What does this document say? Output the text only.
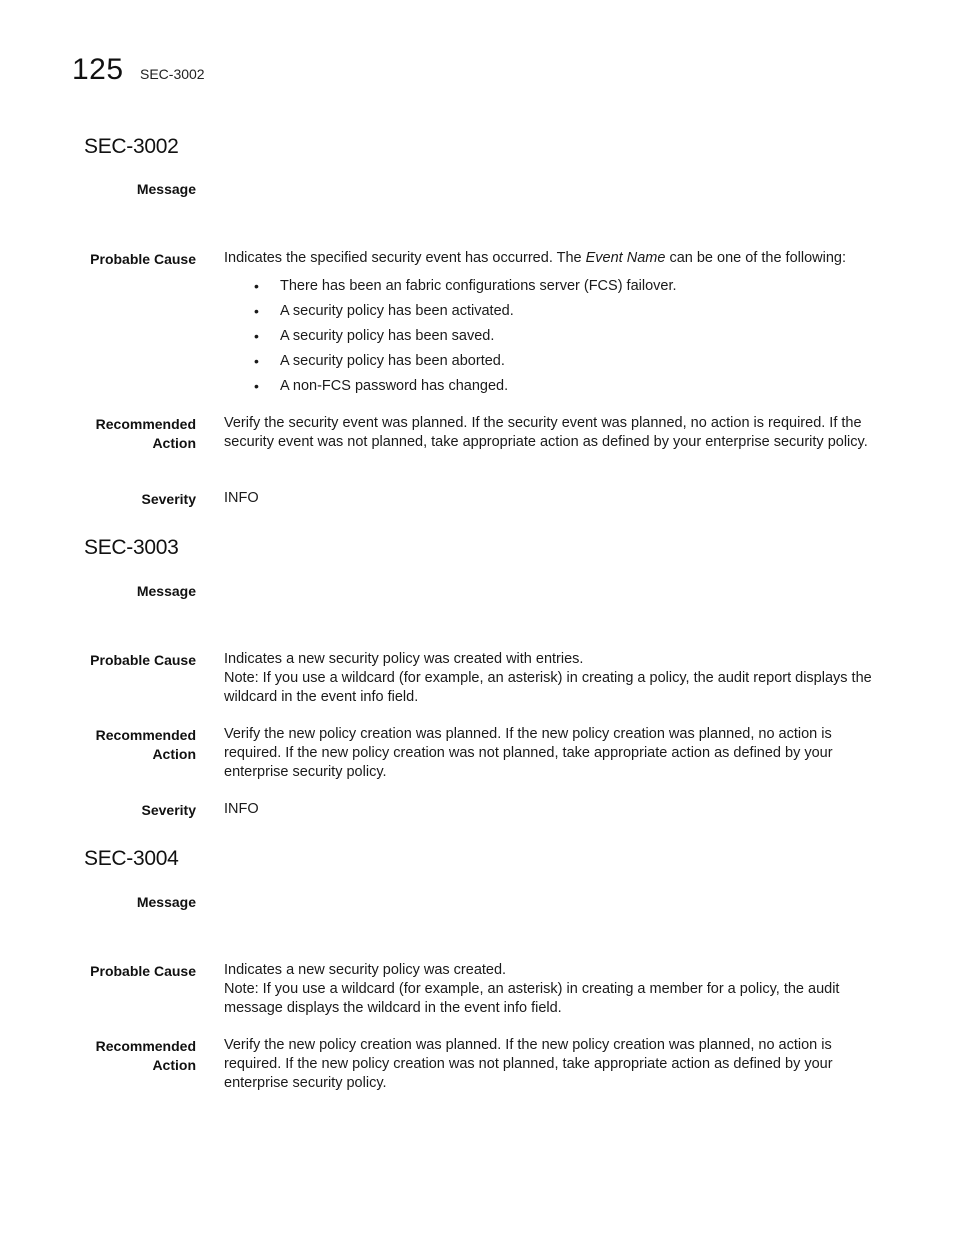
125 SEC-3002
SEC-3002
Message
Probable Cause Indicates the specified security event has occurred. The Event Name can be one of the following:
• There has been an fabric configurations server (FCS) failover.
• A security policy has been activated.
• A security policy has been saved.
• A security policy has been aborted.
• A non-FCS password has changed.
Recommended
Action
Verify the security event was planned. If the security event was planned, no action is required. If the security event was not planned, take appropriate action as defined by your enterprise security policy.
Severity INFO
SEC-3003
Message
Probable Cause Indicates a new security policy was created with entries.

Note: If you use a wildcard (for example, an asterisk) in creating a policy, the audit report displays the wildcard in the event info field.

Recommended
Action
Verify the new policy creation was planned. If the new policy creation was planned, no action is required. If the new policy creation was not planned, take appropriate action as defined by your enterprise security policy.
Severity INFO
SEC-3004
Message
Probable Cause Indicates a new security policy was created.

Note: If you use a wildcard (for example, an asterisk) in creating a member for a policy, the audit message displays the wildcard in the event info field.

Recommended
Action
Verify the new policy creation was planned. If the new policy creation was planned, no action is required. If the new policy creation was not planned, take appropriate action as defined by your enterprise security policy.
